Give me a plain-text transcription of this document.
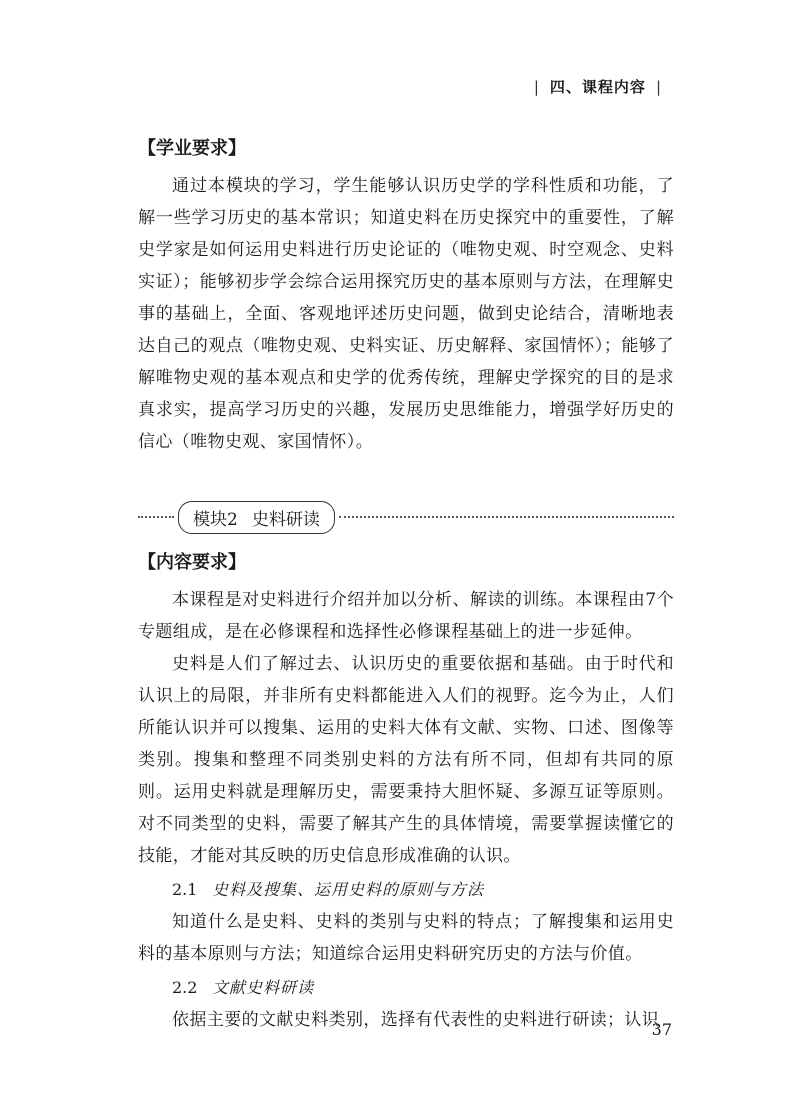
| 四、课程内容 |
【学业要求】

通过本模块的学习，学生能够认识历史学的学科性质和功能，了解一些学习历史的基本常识；知道史料在历史探究中的重要性，了解史学家是如何运用史料进行历史论证的（唯物史观、时空观念、史料实证）；能够初步学会综合运用探究历史的基本原则与方法，在理解史事的基础上，全面、客观地评述历史问题，做到史论结合，清晰地表达自己的观点（唯物史观、史料实证、历史解释、家国情怀）；能够了解唯物史观的基本观点和史学的优秀传统，理解史学探究的目的是求真求实，提高学习历史的兴趣，发展历史思维能力，增强学好历史的信心（唯物史观、家国情怀）。

模块2 史料研读
【内容要求】

本课程是对史料进行介绍并加以分析、解读的训练。本课程由7个专题组成，是在必修课程和选择性必修课程基础上的进一步延伸。

史料是人们了解过去、认识历史的重要依据和基础。由于时代和认识上的局限，并非所有史料都能进入人们的视野。迄今为止，人们所能认识并可以搜集、运用的史料大体有文献、实物、口述、图像等类别。搜集和整理不同类别史料的方法有所不同，但却有共同的原则。运用史料就是理解历史，需要秉持大胆怀疑、多源互证等原则。对不同类型的史料，需要了解其产生的具体情境，需要掌握读懂它的技能，才能对其反映的历史信息形成准确的认识。

2.1 史料及搜集、运用史料的原则与方法

知道什么是史料、史料的类别与史料的特点；了解搜集和运用史料的基本原则与方法；知道综合运用史料研究历史的方法与价值。

2.2 文献史料研读

依据主要的文献史料类别，选择有代表性的史料进行研读；认识

37
